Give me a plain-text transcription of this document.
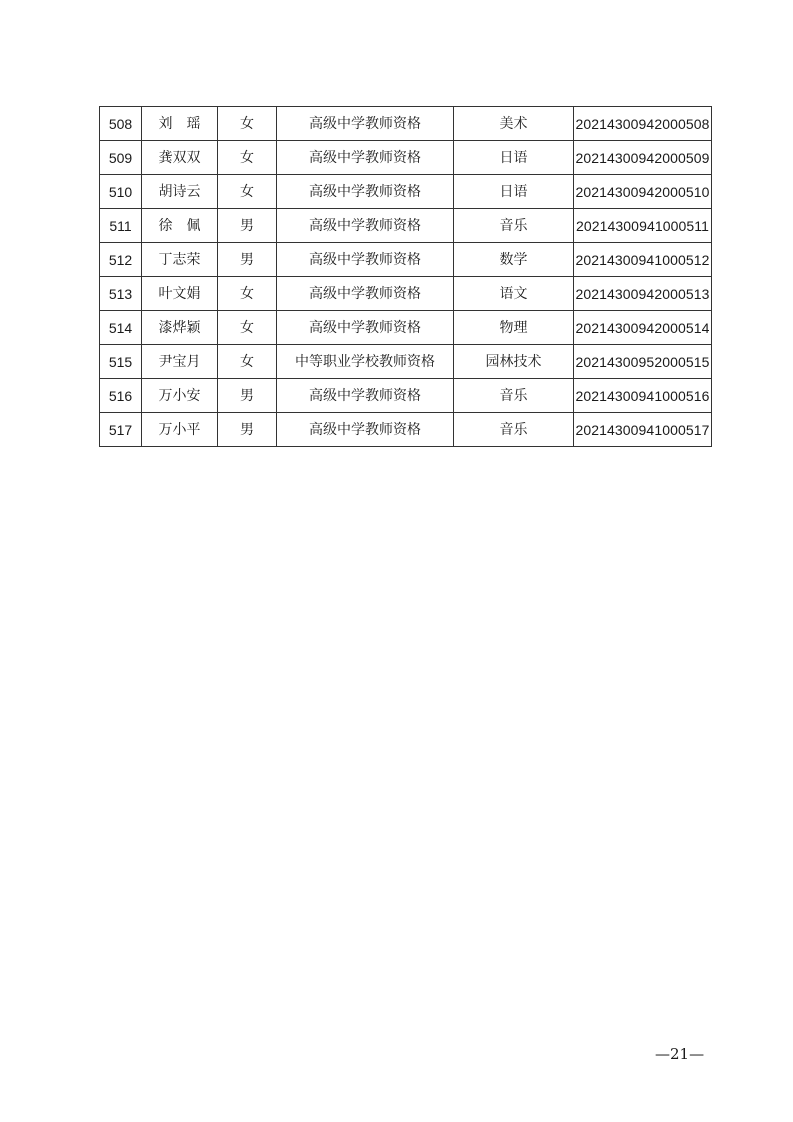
508	刘　瑶	女	高级中学教师资格	美术	20214300942000508
509	龚双双	女	高级中学教师资格	日语	20214300942000509
510	胡诗云	女	高级中学教师资格	日语	20214300942000510
511	徐　佩	男	高级中学教师资格	音乐	20214300941000511
512	丁志荣	男	高级中学教师资格	数学	20214300941000512
513	叶文娟	女	高级中学教师资格	语文	20214300942000513
514	漆烨颖	女	高级中学教师资格	物理	20214300942000514
515	尹宝月	女	中等职业学校教师资格	园林技术	20214300952000515
516	万小安	男	高级中学教师资格	音乐	20214300941000516
517	万小平	男	高级中学教师资格	音乐	20214300941000517
—21—
